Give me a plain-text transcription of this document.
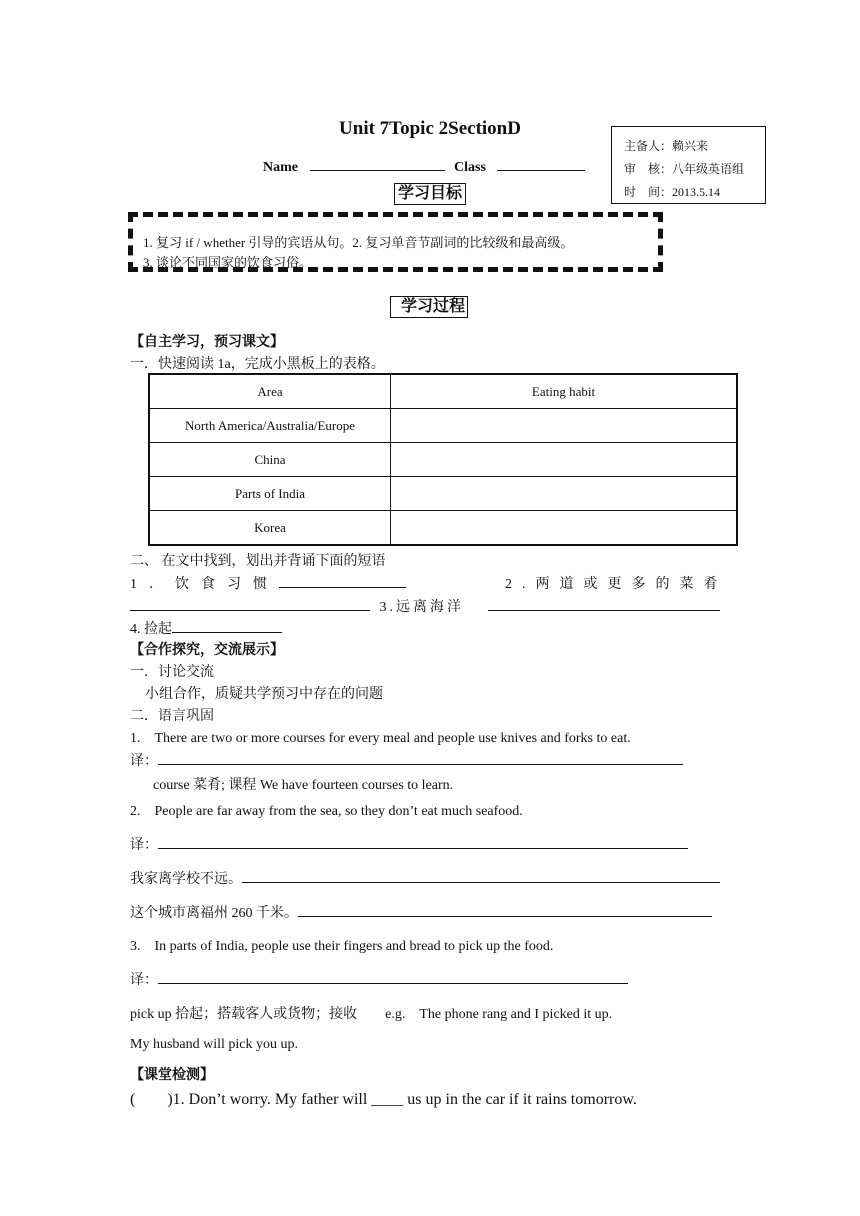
Unit 7Topic 2SectionD
Name	Class
主备人：赖兴来
审　核：八年级英语组
时　间：2013.5.14
学习目标
1. 复习 if / whether 引导的宾语从句。2. 复习单音节副词的比较级和最高级。
3. 谈论不同国家的饮食习俗。
学习过程
【自主学习，预习课文】
一．快速阅读 1a，完成小黑板上的表格。
Area	Eating habit
North America/Australia/Europe	
China	
Parts of India	
Korea	
二、 在文中找到，划出并背诵下面的短语
1．饮食习惯	2.两道或更多的菜肴
3.远离海洋
4. 捡起
【合作探究，交流展示】
一．讨论交流
小组合作，质疑共学预习中存在的问题
二．语言巩固
1.　There are two or more courses for every meal and people use knives and forks to eat.
译：
course 菜肴; 课程 We have fourteen courses to learn.
2.　People are far away from the sea, so they don’t eat much seafood.
译：
我家离学校不远。
这个城市离福州 260 千米。
3.　In parts of India, people use their fingers and bread to pick up the food.
译：
pick up 拾起；搭载客人或货物；接收　　e.g.　The phone rang and I picked it up.
My husband will pick you up.
【课堂检测】
(　　)1. Don’t worry. My father will ____ us up in the car if it rains tomorrow.
